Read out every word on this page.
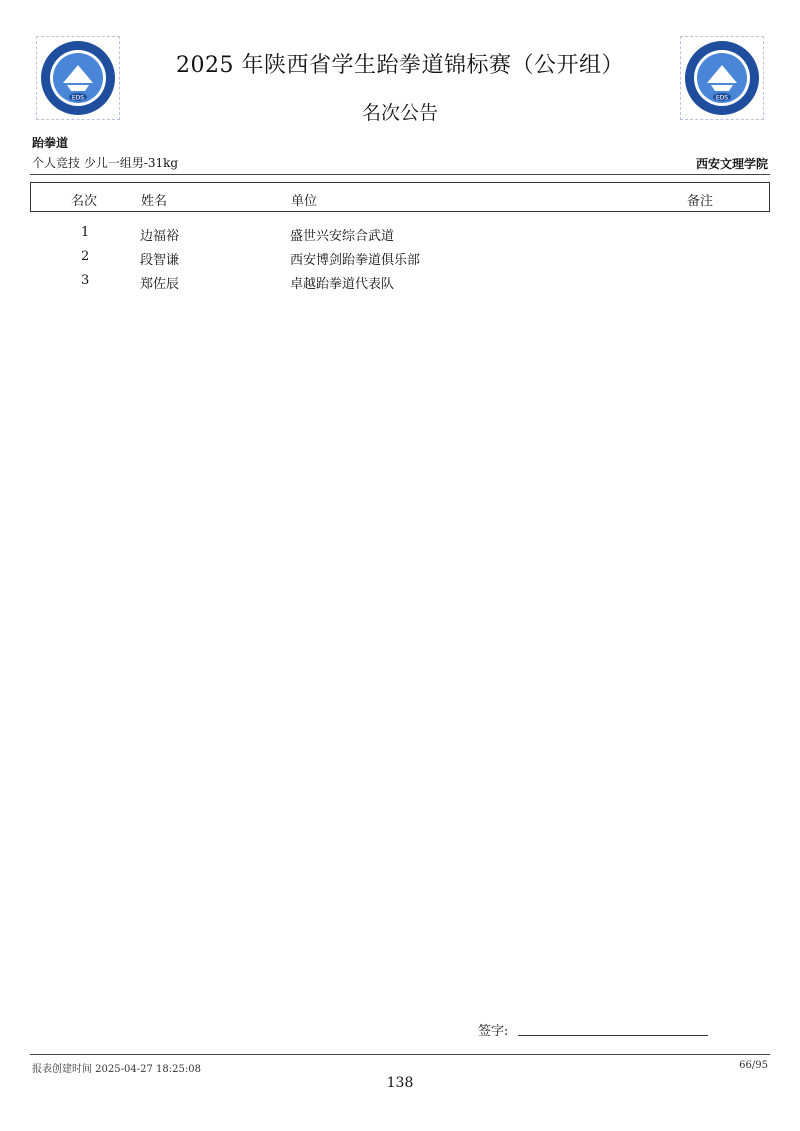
EDS	EDS
2025 年陕西省学生跆拳道锦标赛（公开组）
名次公告
跆拳道
个人竞技 少儿一组男-31kg	西安文理学院
名次	姓名	单位	备注
1	边福裕	盛世兴安综合武道
2	段智谦	西安博剑跆拳道俱乐部
3	郑佐辰	卓越跆拳道代表队
签字:
报表创建时间 2025-04-27 18:25:08	66/95
138
